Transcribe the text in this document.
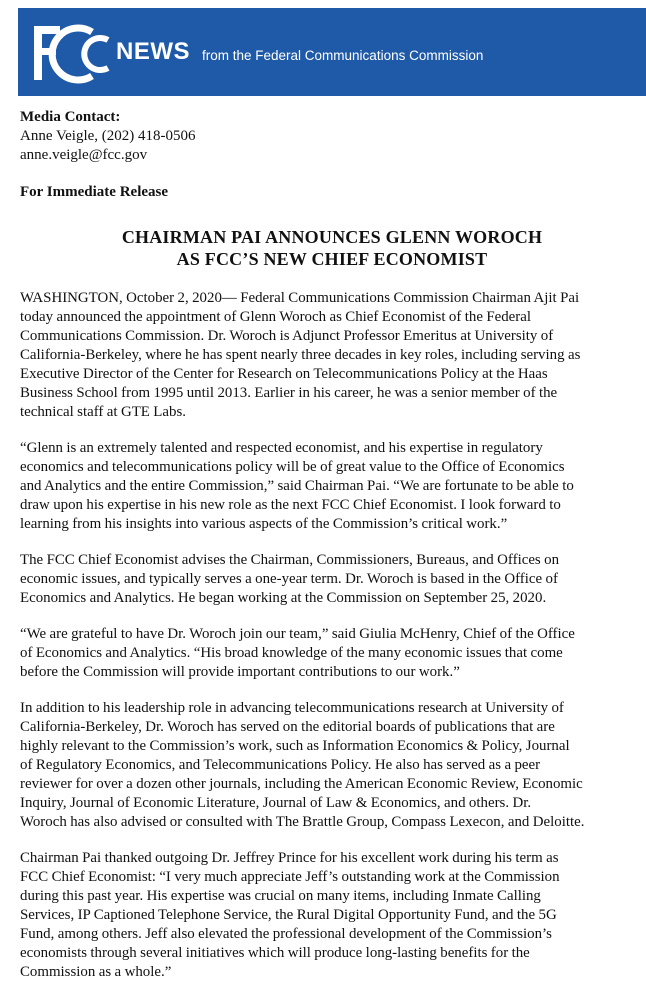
NEWS from the Federal Communications Commission
Media Contact:
Anne Veigle, (202) 418-0506
anne.veigle@fcc.gov
For Immediate Release
CHAIRMAN PAI ANNOUNCES GLENN WOROCH
AS FCC’S NEW CHIEF ECONOMIST

WASHINGTON, October 2, 2020— Federal Communications Commission Chairman Ajit Pai
today announced the appointment of Glenn Woroch as Chief Economist of the Federal
Communications Commission. Dr. Woroch is Adjunct Professor Emeritus at University of
California-Berkeley, where he has spent nearly three decades in key roles, including serving as
Executive Director of the Center for Research on Telecommunications Policy at the Haas
Business School from 1995 until 2013. Earlier in his career, he was a senior member of the
technical staff at GTE Labs.

“Glenn is an extremely talented and respected economist, and his expertise in regulatory
economics and telecommunications policy will be of great value to the Office of Economics
and Analytics and the entire Commission,” said Chairman Pai. “We are fortunate to be able to
draw upon his expertise in his new role as the next FCC Chief Economist. I look forward to
learning from his insights into various aspects of the Commission’s critical work.”

The FCC Chief Economist advises the Chairman, Commissioners, Bureaus, and Offices on
economic issues, and typically serves a one-year term. Dr. Woroch is based in the Office of
Economics and Analytics. He began working at the Commission on September 25, 2020.

“We are grateful to have Dr. Woroch join our team,” said Giulia McHenry, Chief of the Office
of Economics and Analytics. “His broad knowledge of the many economic issues that come
before the Commission will provide important contributions to our work.”

In addition to his leadership role in advancing telecommunications research at University of
California-Berkeley, Dr. Woroch has served on the editorial boards of publications that are
highly relevant to the Commission’s work, such as Information Economics & Policy, Journal
of Regulatory Economics, and Telecommunications Policy. He also has served as a peer
reviewer for over a dozen other journals, including the American Economic Review, Economic
Inquiry, Journal of Economic Literature, Journal of Law & Economics, and others. Dr.
Woroch has also advised or consulted with The Brattle Group, Compass Lexecon, and Deloitte.

Chairman Pai thanked outgoing Dr. Jeffrey Prince for his excellent work during his term as
FCC Chief Economist: “I very much appreciate Jeff’s outstanding work at the Commission
during this past year. His expertise was crucial on many items, including Inmate Calling
Services, IP Captioned Telephone Service, the Rural Digital Opportunity Fund, and the 5G
Fund, among others. Jeff also elevated the professional development of the Commission’s
economists through several initiatives which will produce long-lasting benefits for the
Commission as a whole.”
